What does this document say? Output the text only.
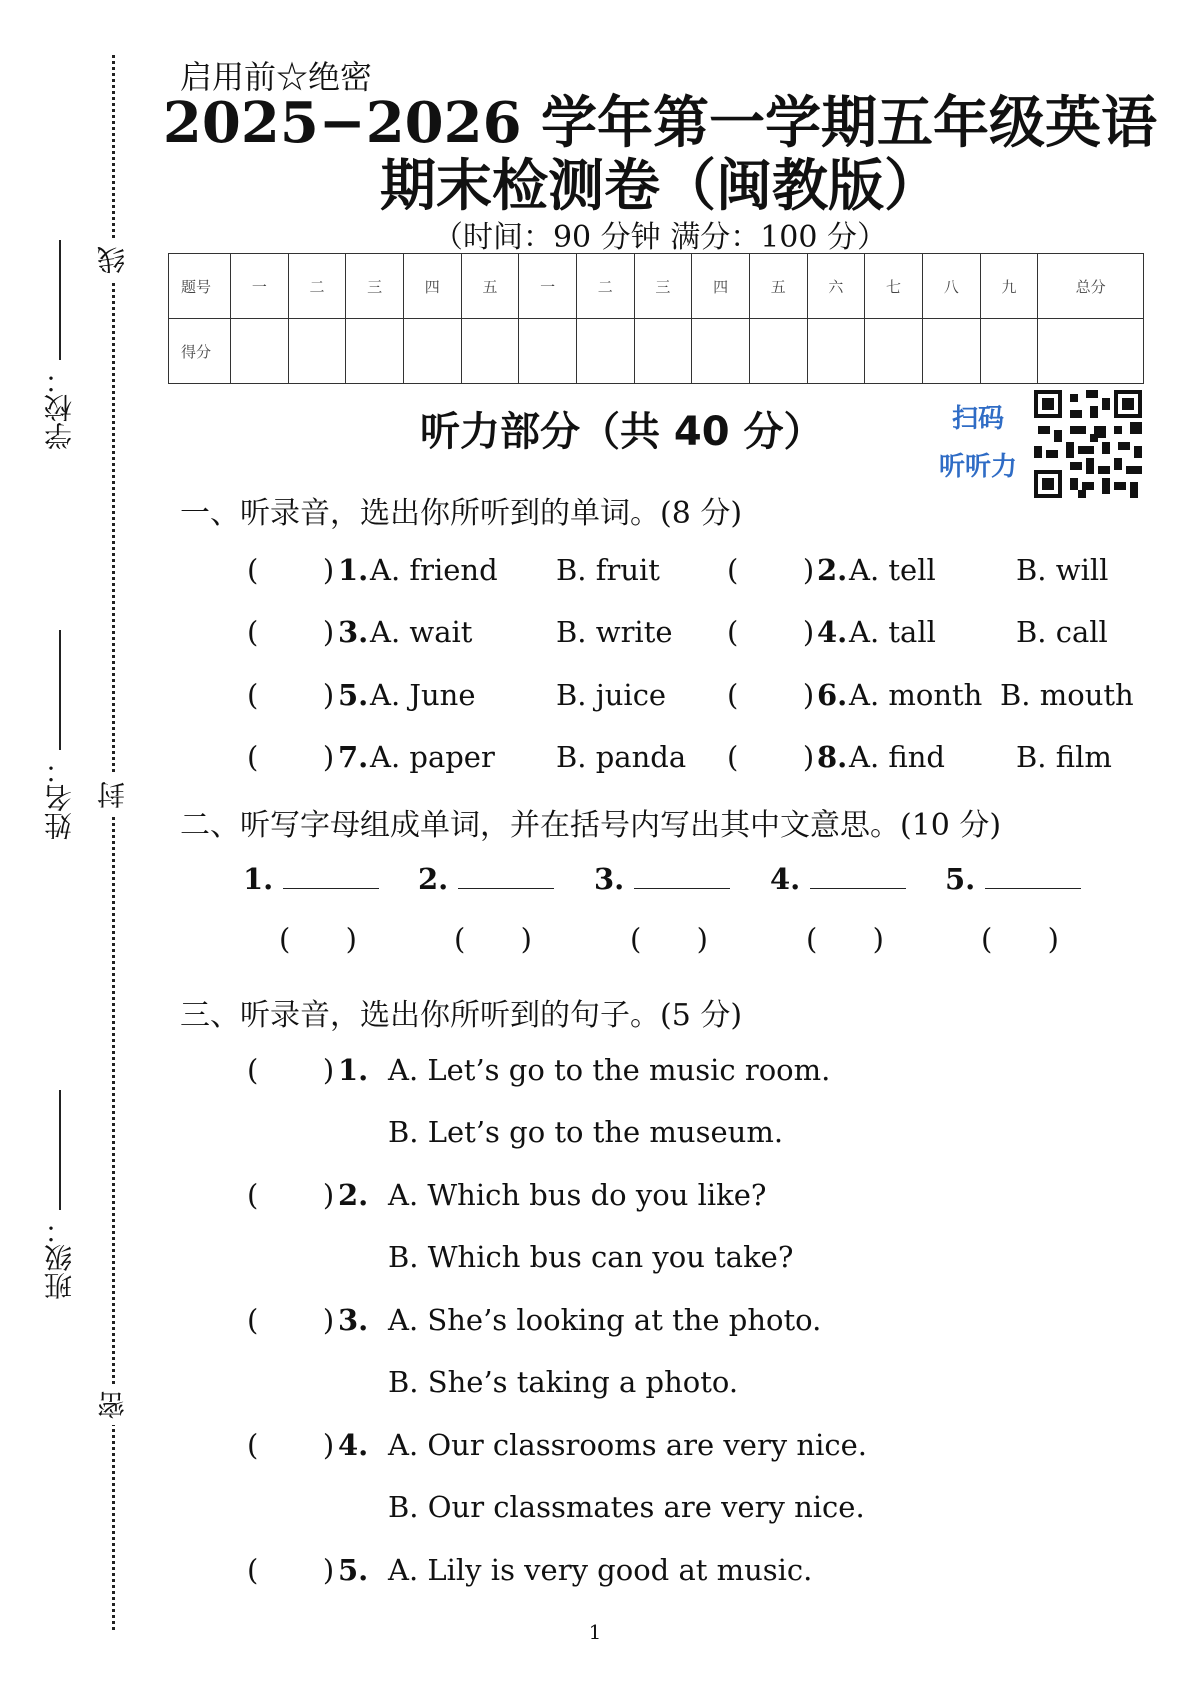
线
封
密
学校：
姓名：
班级：
启用前☆绝密
2025−2026 学年第一学期五年级英语
期末检测卷（闽教版）
（时间：90 分钟 满分：100 分）
题号	一	二	三	四	五	一	二	三	四	五	六	七	八	九	总分
得分															
听力部分（共 40 分）	扫码
听听力
一、听录音，选出你所听到的单词。(8 分)
(       ) 1. A. friend B. fruit (       ) 2. A. tell	B. will
(       ) 3. A. wait	B. write (       ) 4. A. tall	B. call
(       ) 5. A. June	B. juice (       ) 6. A. month B. mouth
(       ) 7. A. paper B. panda (       ) 8. A. find B. film
二、听写字母组成单词，并在括号内写出其中文意思。(10 分)
1.
(      )
2.
(      )
3.
(      )
4.
(      )
5.
(      )
三、听录音，选出你所听到的句子。(5 分)
(       ) 1. A. Let’s go to the music room.
B. Let’s go to the museum.
(       ) 2. A. Which bus do you like?
B. Which bus can you take?
(       ) 3. A. She’s looking at the photo.
B. She’s taking a photo.
(       ) 4. A. Our classrooms are very nice.
B. Our classmates are very nice.
(       ) 5. A. Lily is very good at music.
1
